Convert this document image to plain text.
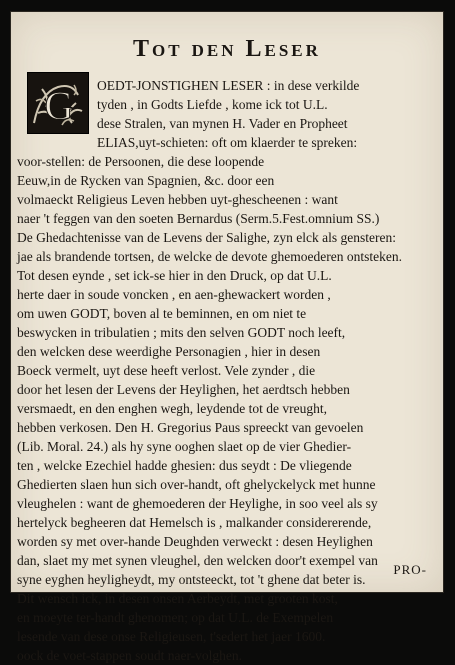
Tot den Leser
G	OEDT-JONSTIGHEN LESER : in dese verkilde
tyden , in Godts Liefde , kome ick tot U.L.
dese Stralen, van mynen H. Vader en Propheet
ELIAS,uyt-schieten: oft om klaerder te spreken:
voor-stellen: de Persoonen, die dese loopende
Eeuw,in de Rycken van Spagnien, &c. door een
volmaeckt Religieus Leven hebben uyt-ghescheenen : want
naer 't feggen van den soeten Bernardus (Serm.5.Fest.omnium SS.)
De Ghedachtenisse van de Levens der Salighe, zyn elck als gensteren:
jae als brandende tortsen, de welcke de devote ghemoederen ontsteken.
Tot desen eynde , set ick-se hier in den Druck, op dat U.L.
herte daer in soude voncken , en aen-ghewackert worden ,
om uwen GODT, boven al te beminnen, en om niet te
beswycken in tribulatien ; mits den selven GODT noch leeft,
den welcken dese weerdighe Personagien , hier in desen
Boeck vermelt, uyt dese heeft verlost. Vele zynder , die
door het lesen der Levens der Heylighen, het aerdtsch hebben
versmaedt, en den enghen wegh, leydende tot de vreught,
hebben verkosen. Den H. Gregorius Paus spreeckt van gevoelen
(Lib. Moral. 24.) als hy syne ooghen slaet op de vier Ghedier-
ten , welcke Ezechiel hadde ghesien: dus seydt : De vliegende
Ghedierten slaen hun sich over-handt, oft ghelyckelyck met hunne
vleughelen : want de ghemoederen der Heylighe, in soo veel als sy
hertelyck begheeren dat Hemelsch is , malkander considererende,
worden sy met over-hande Deughden verweckt : desen Heylighen
dan, slaet my met synen vleughel, den welcken door't exempel van
syne eyghen heyligheydt, my ontsteeckt, tot 't ghene dat beter is.
Dit wensch ick, in desen onsen Aerbeydt, met grooten kost,
en moeyte ter-handt ghenomen; op dat U.L. de Exempelen
lesende van dese onse Religieusen, t'sedert het jaer 1600.
oock de voet-stappen soudt naer-volghen.
PRO-
